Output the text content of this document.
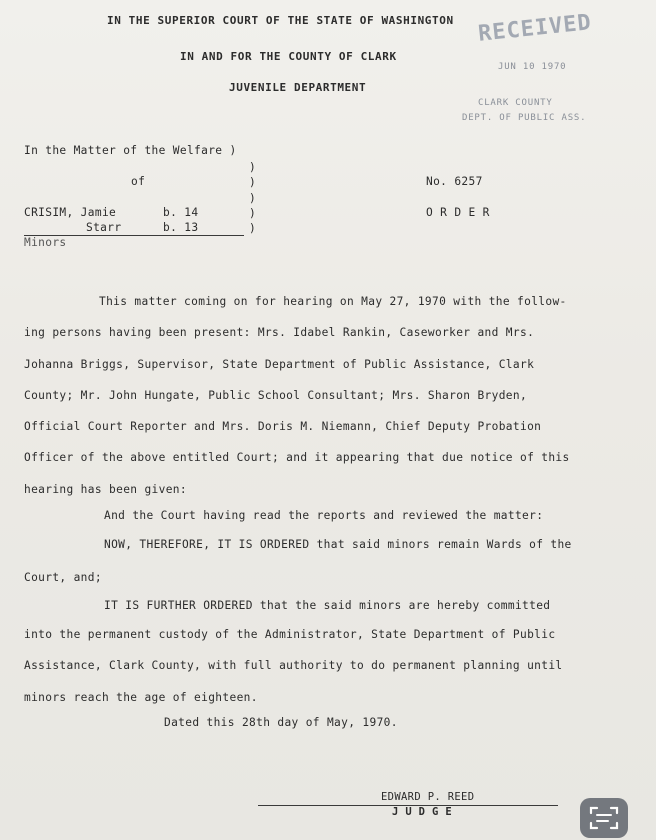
IN THE SUPERIOR COURT OF THE STATE OF WASHINGTON
IN AND FOR THE COUNTY OF CLARK
JUVENILE DEPARTMENT
RECEIVED
JUN 10 1970
CLARK COUNTY
DEPT. OF PUBLIC ASS.
In the Matter of the Welfare )
)
of	)
)
CRISIM, Jamie	b. 14	)
Starr	b. 13	)
Minors
No. 6257
O R D E R
This matter coming on for hearing on May 27, 1970 with the follow-
ing persons having been present: Mrs. Idabel Rankin, Caseworker and Mrs.
Johanna Briggs, Supervisor, State Department of Public Assistance, Clark
County; Mr. John Hungate, Public School Consultant; Mrs. Sharon Bryden,
Official Court Reporter and Mrs. Doris M. Niemann, Chief Deputy Probation
Officer of the above entitled Court; and it appearing that due notice of this
hearing has been given:
And the Court having read the reports and reviewed the matter:
NOW, THEREFORE, IT IS ORDERED that said minors remain Wards of the
Court, and;
IT IS FURTHER ORDERED that the said minors are hereby committed
into the permanent custody of the Administrator, State Department of Public
Assistance, Clark County, with full authority to do permanent planning until
minors reach the age of eighteen.
Dated this 28th day of May, 1970.
EDWARD P. REED
J U D G E
